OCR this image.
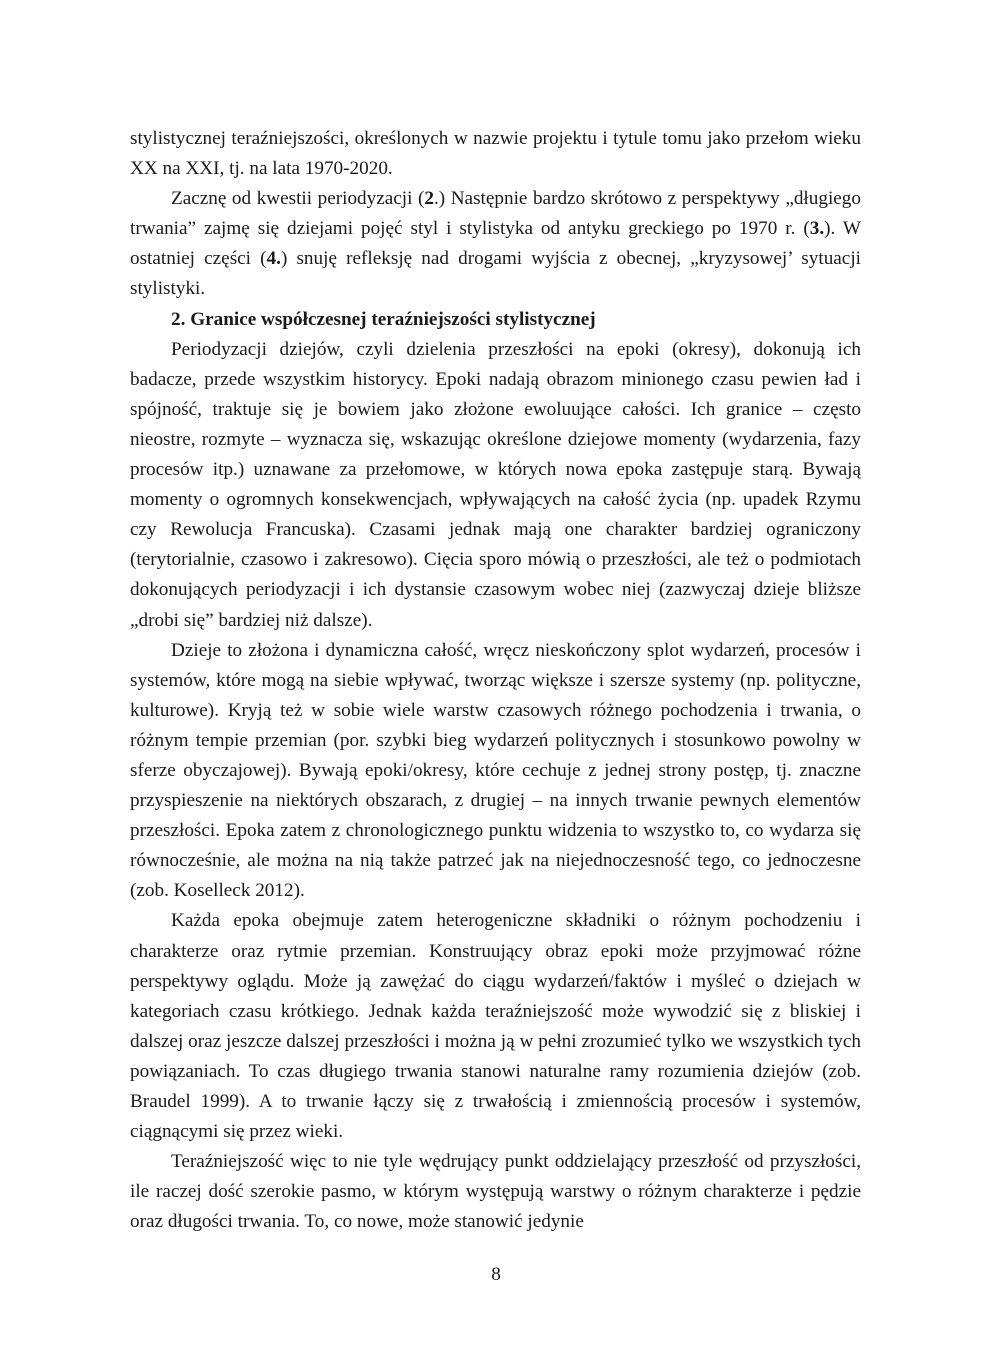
stylistycznej teraźniejszości, określonych w nazwie projektu i tytule tomu jako przełom wieku XX na XXI, tj. na lata 1970-2020.

Zacznę od kwestii periodyzacji (2.) Następnie bardzo skrótowo z perspektywy „długiego trwania” zajmę się dziejami pojęć styl i stylistyka od antyku greckiego po 1970 r. (3.). W ostatniej części (4.) snuję refleksję nad drogami wyjścia z obecnej, „kryzysowej’ sytuacji stylistyki.

2. Granice współczesnej teraźniejszości stylistycznej

Periodyzacji dziejów, czyli dzielenia przeszłości na epoki (okresy), dokonują ich badacze, przede wszystkim historycy. Epoki nadają obrazom minionego czasu pewien ład i spójność, traktuje się je bowiem jako złożone ewoluujące całości. Ich granice – często nieostre, rozmyte – wyznacza się, wskazując określone dziejowe momenty (wydarzenia, fazy procesów itp.) uznawane za przełomowe, w których nowa epoka zastępuje starą. Bywają momenty o ogromnych konsekwencjach, wpływających na całość życia (np. upadek Rzymu czy Rewolucja Francuska). Czasami jednak mają one charakter bardziej ograniczony (terytorialnie, czasowo i zakresowo). Cięcia sporo mówią o przeszłości, ale też o podmiotach dokonujących periodyzacji i ich dystansie czasowym wobec niej (zazwyczaj dzieje bliższe „drobi się” bardziej niż dalsze).

Dzieje to złożona i dynamiczna całość, wręcz nieskończony splot wydarzeń, procesów i systemów, które mogą na siebie wpływać, tworząc większe i szersze systemy (np. polityczne, kulturowe). Kryją też w sobie wiele warstw czasowych różnego pochodzenia i trwania, o różnym tempie przemian (por. szybki bieg wydarzeń politycznych i stosunkowo powolny w sferze obyczajowej). Bywają epoki/okresy, które cechuje z jednej strony postęp, tj. znaczne przyspieszenie na niektórych obszarach, z drugiej – na innych trwanie pewnych elementów przeszłości. Epoka zatem z chronologicznego punktu widzenia to wszystko to, co wydarza się równocześnie, ale można na nią także patrzeć jak na niejednoczesność tego, co jednoczesne (zob. Koselleck 2012).

Każda epoka obejmuje zatem heterogeniczne składniki o różnym pochodzeniu i charakterze oraz rytmie przemian. Konstruujący obraz epoki może przyjmować różne perspektywy oglądu. Może ją zawężać do ciągu wydarzeń/faktów i myśleć o dziejach w kategoriach czasu krótkiego. Jednak każda teraźniejszość może wywodzić się z bliskiej i dalszej oraz jeszcze dalszej przeszłości i można ją w pełni zrozumieć tylko we wszystkich tych powiązaniach. To czas długiego trwania stanowi naturalne ramy rozumienia dziejów (zob. Braudel 1999). A to trwanie łączy się z trwałością i zmiennością procesów i systemów, ciągnącymi się przez wieki.

Teraźniejszość więc to nie tyle wędrujący punkt oddzielający przeszłość od przyszłości, ile raczej dość szerokie pasmo, w którym występują warstwy o różnym charakterze i pędzie oraz długości trwania. To, co nowe, może stanowić jedynie

8
